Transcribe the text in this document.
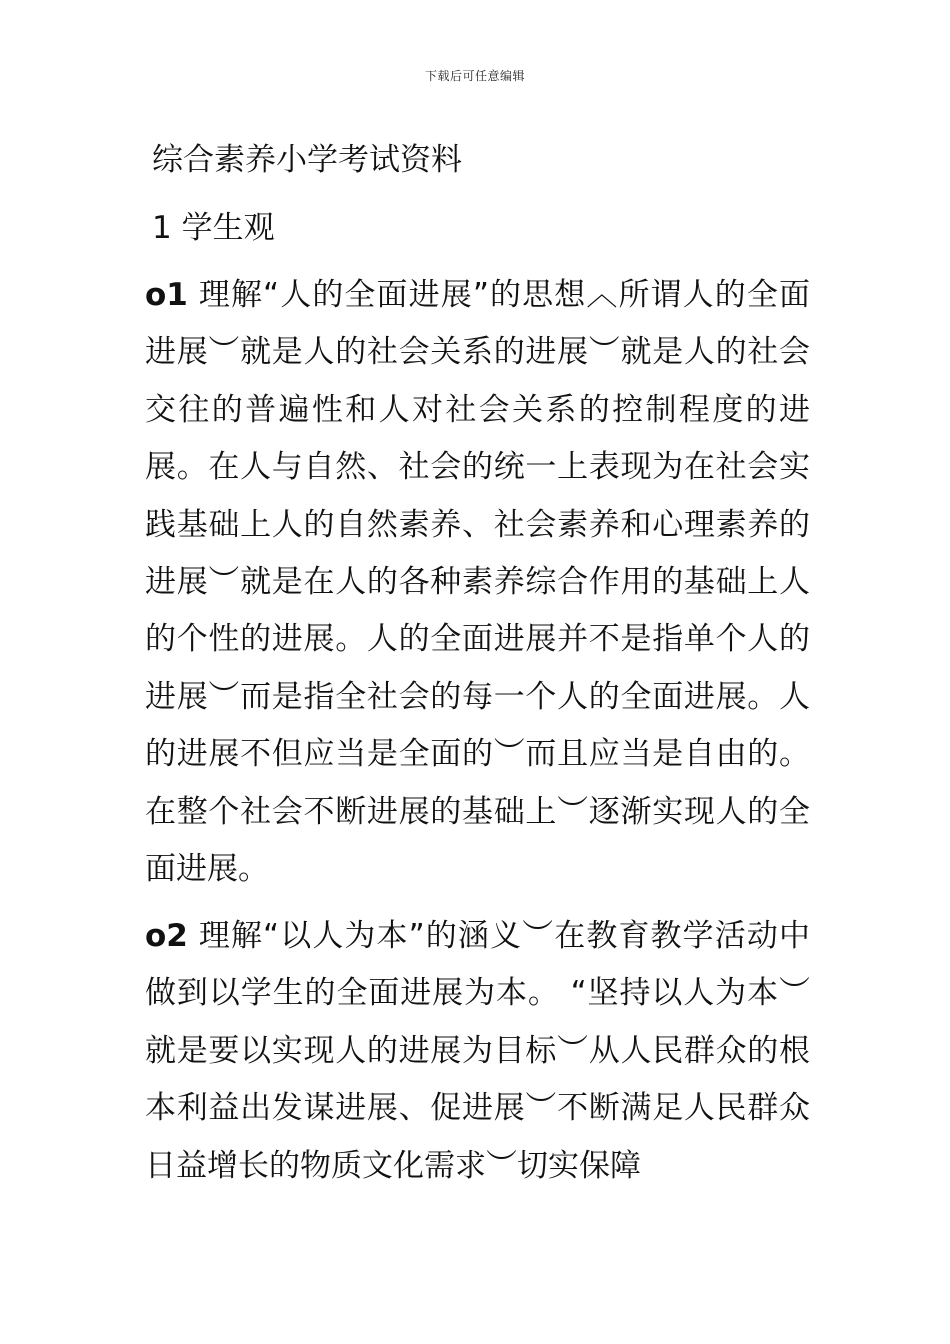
下载后可任意编辑
综合素养小学考试资料
1 学生观

o1 理解“人的全面进展”的思想︿所谓人的全面进展︶就是人的社会关系的进展︶就是人的社会交往的普遍性和人对社会关系的控制程度的进展。在人与自然、社会的统一上表现为在社会实践基础上人的自然素养、社会素养和心理素养的进展︶就是在人的各种素养综合作用的基础上人的个性的进展。人的全面进展并不是指单个人的进展︶而是指全社会的每一个人的全面进展。人的进展不但应当是全面的︶而且应当是自由的。在整个社会不断进展的基础上︶逐渐实现人的全面进展。

o2 理解“以人为本”的涵义︶在教育教学活动中做到以学生的全面进展为本。 “坚持以人为本︶就是要以实现人的进展为目标︶从人民群众的根本利益出发谋进展、促进展︶不断满足人民群众日益增长的物质文化需求︶切实保障
